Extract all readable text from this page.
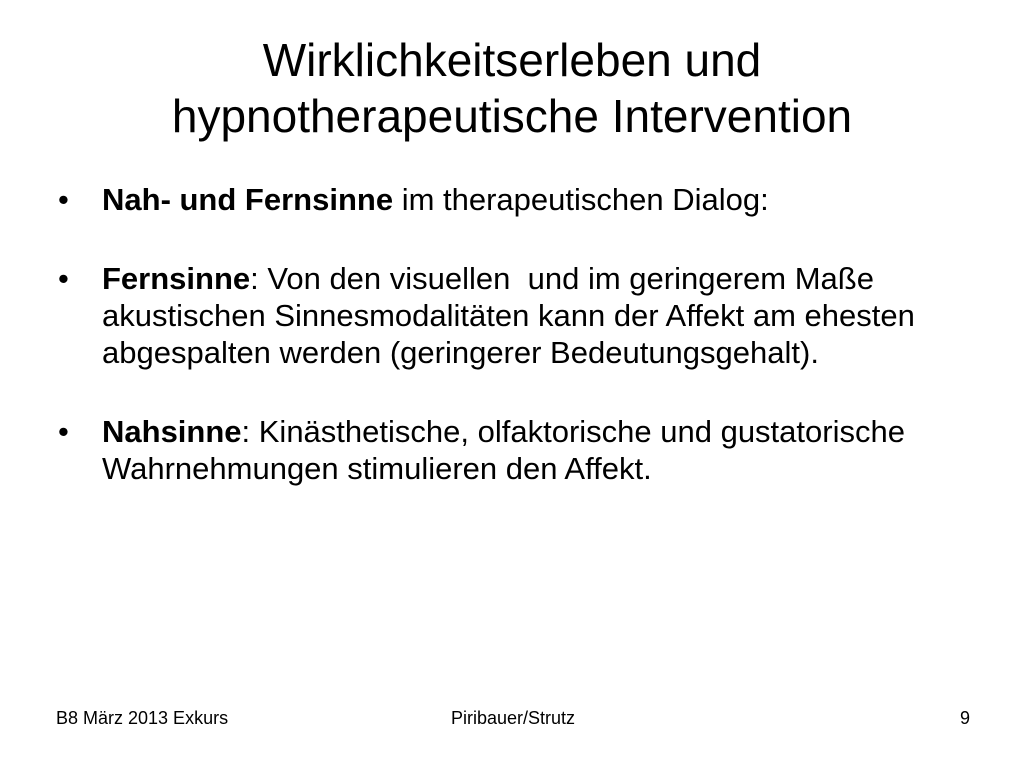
Wirklichkeitserleben und
hypnotherapeutische Intervention
• Nah- und Fernsinne im therapeutischen Dialog:
• Fernsinne: Von den visuellen  und im geringerem Maße akustischen Sinnesmodalitäten kann der Affekt am ehesten abgespalten werden (geringerer Bedeutungsgehalt).
• Nahsinne: Kinästhetische, olfaktorische und gustatorische Wahrnehmungen stimulieren den Affekt.
B8 März 2013 Exkurs	Piribauer/Strutz	9
